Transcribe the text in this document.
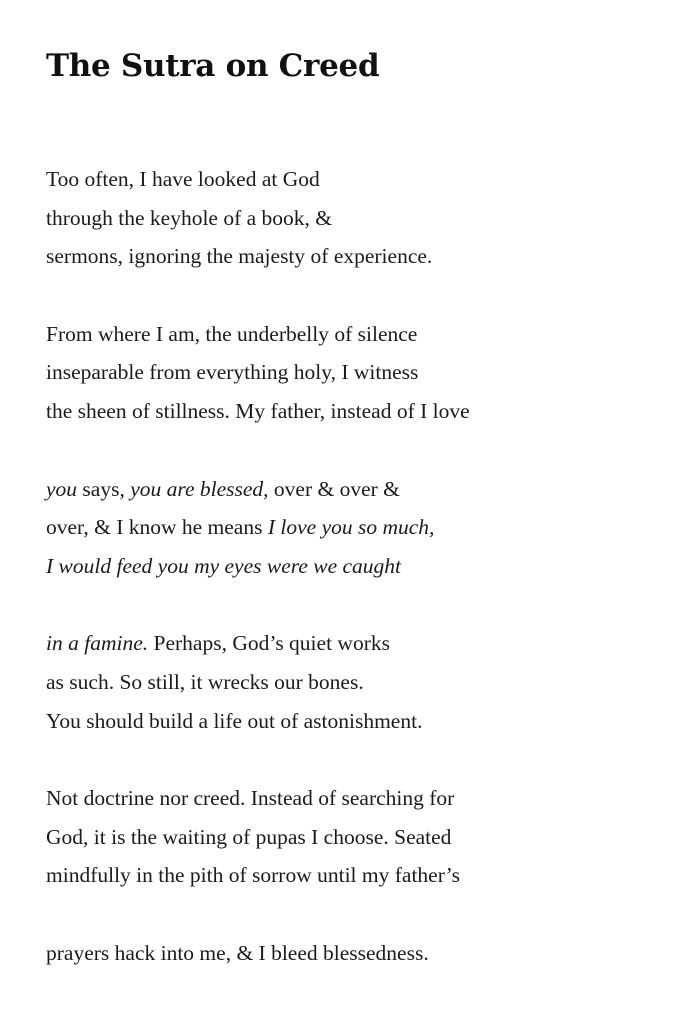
The Sutra on Creed
Too often, I have looked at God
through the keyhole of a book, &
sermons, ignoring the majesty of experience.
From where I am, the underbelly of silence
inseparable from everything holy, I witness
the sheen of stillness. My father, instead of I love
you says, you are blessed, over & over &
over, & I know he means I love you so much,
I would feed you my eyes were we caught
in a famine. Perhaps, God’s quiet works
as such. So still, it wrecks our bones.
You should build a life out of astonishment.
Not doctrine nor creed. Instead of searching for
God, it is the waiting of pupas I choose. Seated
mindfully in the pith of sorrow until my father’s
prayers hack into me, & I bleed blessedness.
